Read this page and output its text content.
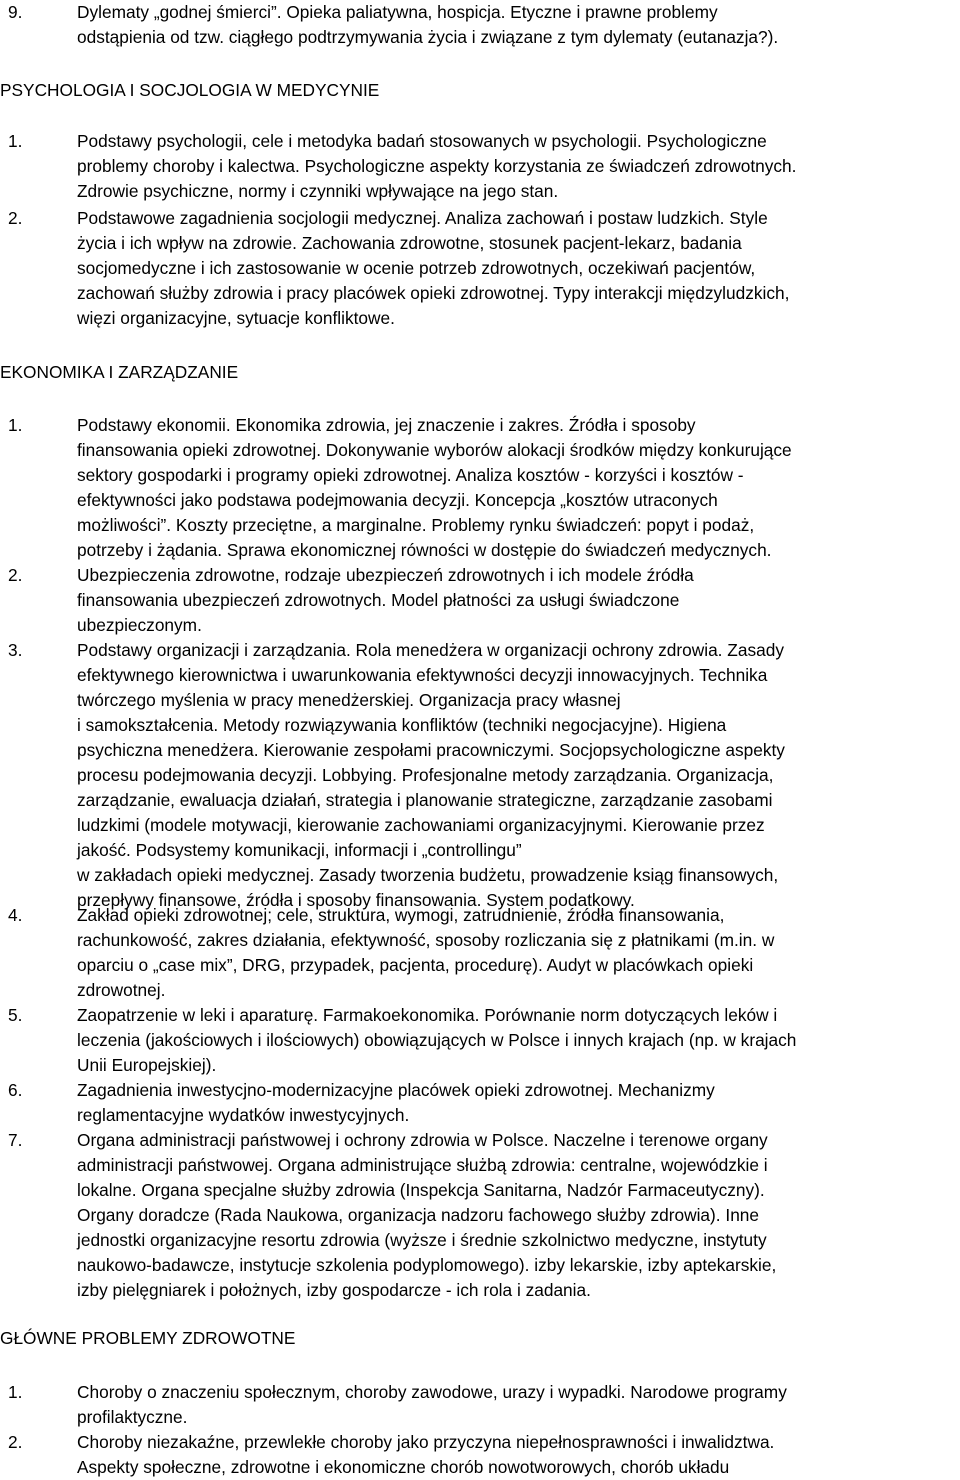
9.	Dylematy „godnej śmierci”. Opieka paliatywna, hospicja. Etyczne i prawne problemy
odstąpienia od tzw. ciągłego podtrzymywania życia i związane z tym dylematy (eutanazja?).
PSYCHOLOGIA I SOCJOLOGIA W MEDYCYNIE
1.	Podstawy psychologii, cele i metodyka badań stosowanych w psychologii. Psychologiczne
problemy choroby i kalectwa. Psychologiczne aspekty korzystania ze świadczeń zdrowotnych.
Zdrowie psychiczne, normy i czynniki wpływające na jego stan.
2.	Podstawowe zagadnienia socjologii medycznej. Analiza zachowań i postaw ludzkich. Style
życia i ich wpływ na zdrowie. Zachowania zdrowotne, stosunek pacjent-lekarz, badania
socjomedyczne i ich zastosowanie w ocenie potrzeb zdrowotnych, oczekiwań pacjentów,
zachowań służby zdrowia i pracy placówek opieki zdrowotnej. Typy interakcji międzyludzkich,
więzi organizacyjne, sytuacje konfliktowe.
EKONOMIKA I ZARZĄDZANIE
1.	Podstawy ekonomii. Ekonomika zdrowia, jej znaczenie i zakres. Źródła i sposoby
finansowania opieki zdrowotnej. Dokonywanie wyborów alokacji środków między konkurujące
sektory gospodarki i programy opieki zdrowotnej. Analiza kosztów - korzyści i kosztów -
efektywności jako podstawa podejmowania decyzji. Koncepcja „kosztów utraconych
możliwości”. Koszty przeciętne, a marginalne. Problemy rynku świadczeń: popyt i podaż,
potrzeby i żądania. Sprawa ekonomicznej równości w dostępie do świadczeń medycznych.
2.	Ubezpieczenia zdrowotne, rodzaje ubezpieczeń zdrowotnych i ich modele źródła
finansowania ubezpieczeń zdrowotnych. Model płatności za usługi świadczone
ubezpieczonym.
3.	Podstawy organizacji i zarządzania. Rola menedżera w organizacji ochrony zdrowia. Zasady
efektywnego kierownictwa i uwarunkowania efektywności decyzji innowacyjnych. Technika
twórczego myślenia w pracy menedżerskiej. Organizacja pracy własnej
i samokształcenia. Metody rozwiązywania konfliktów (techniki negocjacyjne). Higiena
psychiczna menedżera. Kierowanie zespołami pracowniczymi. Socjopsychologiczne aspekty
procesu podejmowania decyzji. Lobbying. Profesjonalne metody zarządzania. Organizacja,
zarządzanie, ewaluacja działań, strategia i planowanie strategiczne, zarządzanie zasobami
ludzkimi (modele motywacji, kierowanie zachowaniami organizacyjnymi. Kierowanie przez
jakość. Podsystemy komunikacji, informacji i „controllingu”
w zakładach opieki medycznej. Zasady tworzenia budżetu, prowadzenie ksiąg finansowych,
przepływy finansowe, źródła i sposoby finansowania. System podatkowy.
4.	Zakład opieki zdrowotnej; cele, struktura, wymogi, zatrudnienie, źródła finansowania,
rachunkowość, zakres działania, efektywność, sposoby rozliczania się z płatnikami (m.in. w
oparciu o „case mix”, DRG, przypadek, pacjenta, procedurę). Audyt w placówkach opieki
zdrowotnej.
5.	Zaopatrzenie w leki i aparaturę. Farmakoekonomika. Porównanie norm dotyczących leków i
leczenia (jakościowych i ilościowych) obowiązujących w Polsce i innych krajach (np. w krajach
Unii Europejskiej).
6.	Zagadnienia inwestycjno-modernizacyjne placówek opieki zdrowotnej. Mechanizmy
reglamentacyjne wydatków inwestycyjnych.
7.	Organa administracji państwowej i ochrony zdrowia w Polsce. Naczelne i terenowe organy
administracji państwowej. Organa administrujące służbą zdrowia: centralne, wojewódzkie i
lokalne. Organa specjalne służby zdrowia (Inspekcja Sanitarna, Nadzór Farmaceutyczny).
Organy doradcze (Rada Naukowa, organizacja nadzoru fachowego służby zdrowia). Inne
jednostki organizacyjne resortu zdrowia (wyższe i średnie szkolnictwo medyczne, instytuty
naukowo-badawcze, instytucje szkolenia podyplomowego). izby lekarskie, izby aptekarskie,
izby pielęgniarek i położnych, izby gospodarcze - ich rola i zadania.
GŁÓWNE PROBLEMY ZDROWOTNE
1.	Choroby o znaczeniu społecznym, choroby zawodowe, urazy i wypadki. Narodowe programy
profilaktyczne.
2.	Choroby niezakaźne, przewlekłe choroby jako przyczyna niepełnosprawności i inwalidztwa.
Aspekty społeczne, zdrowotne i ekonomiczne chorób nowotworowych, chorób układu
